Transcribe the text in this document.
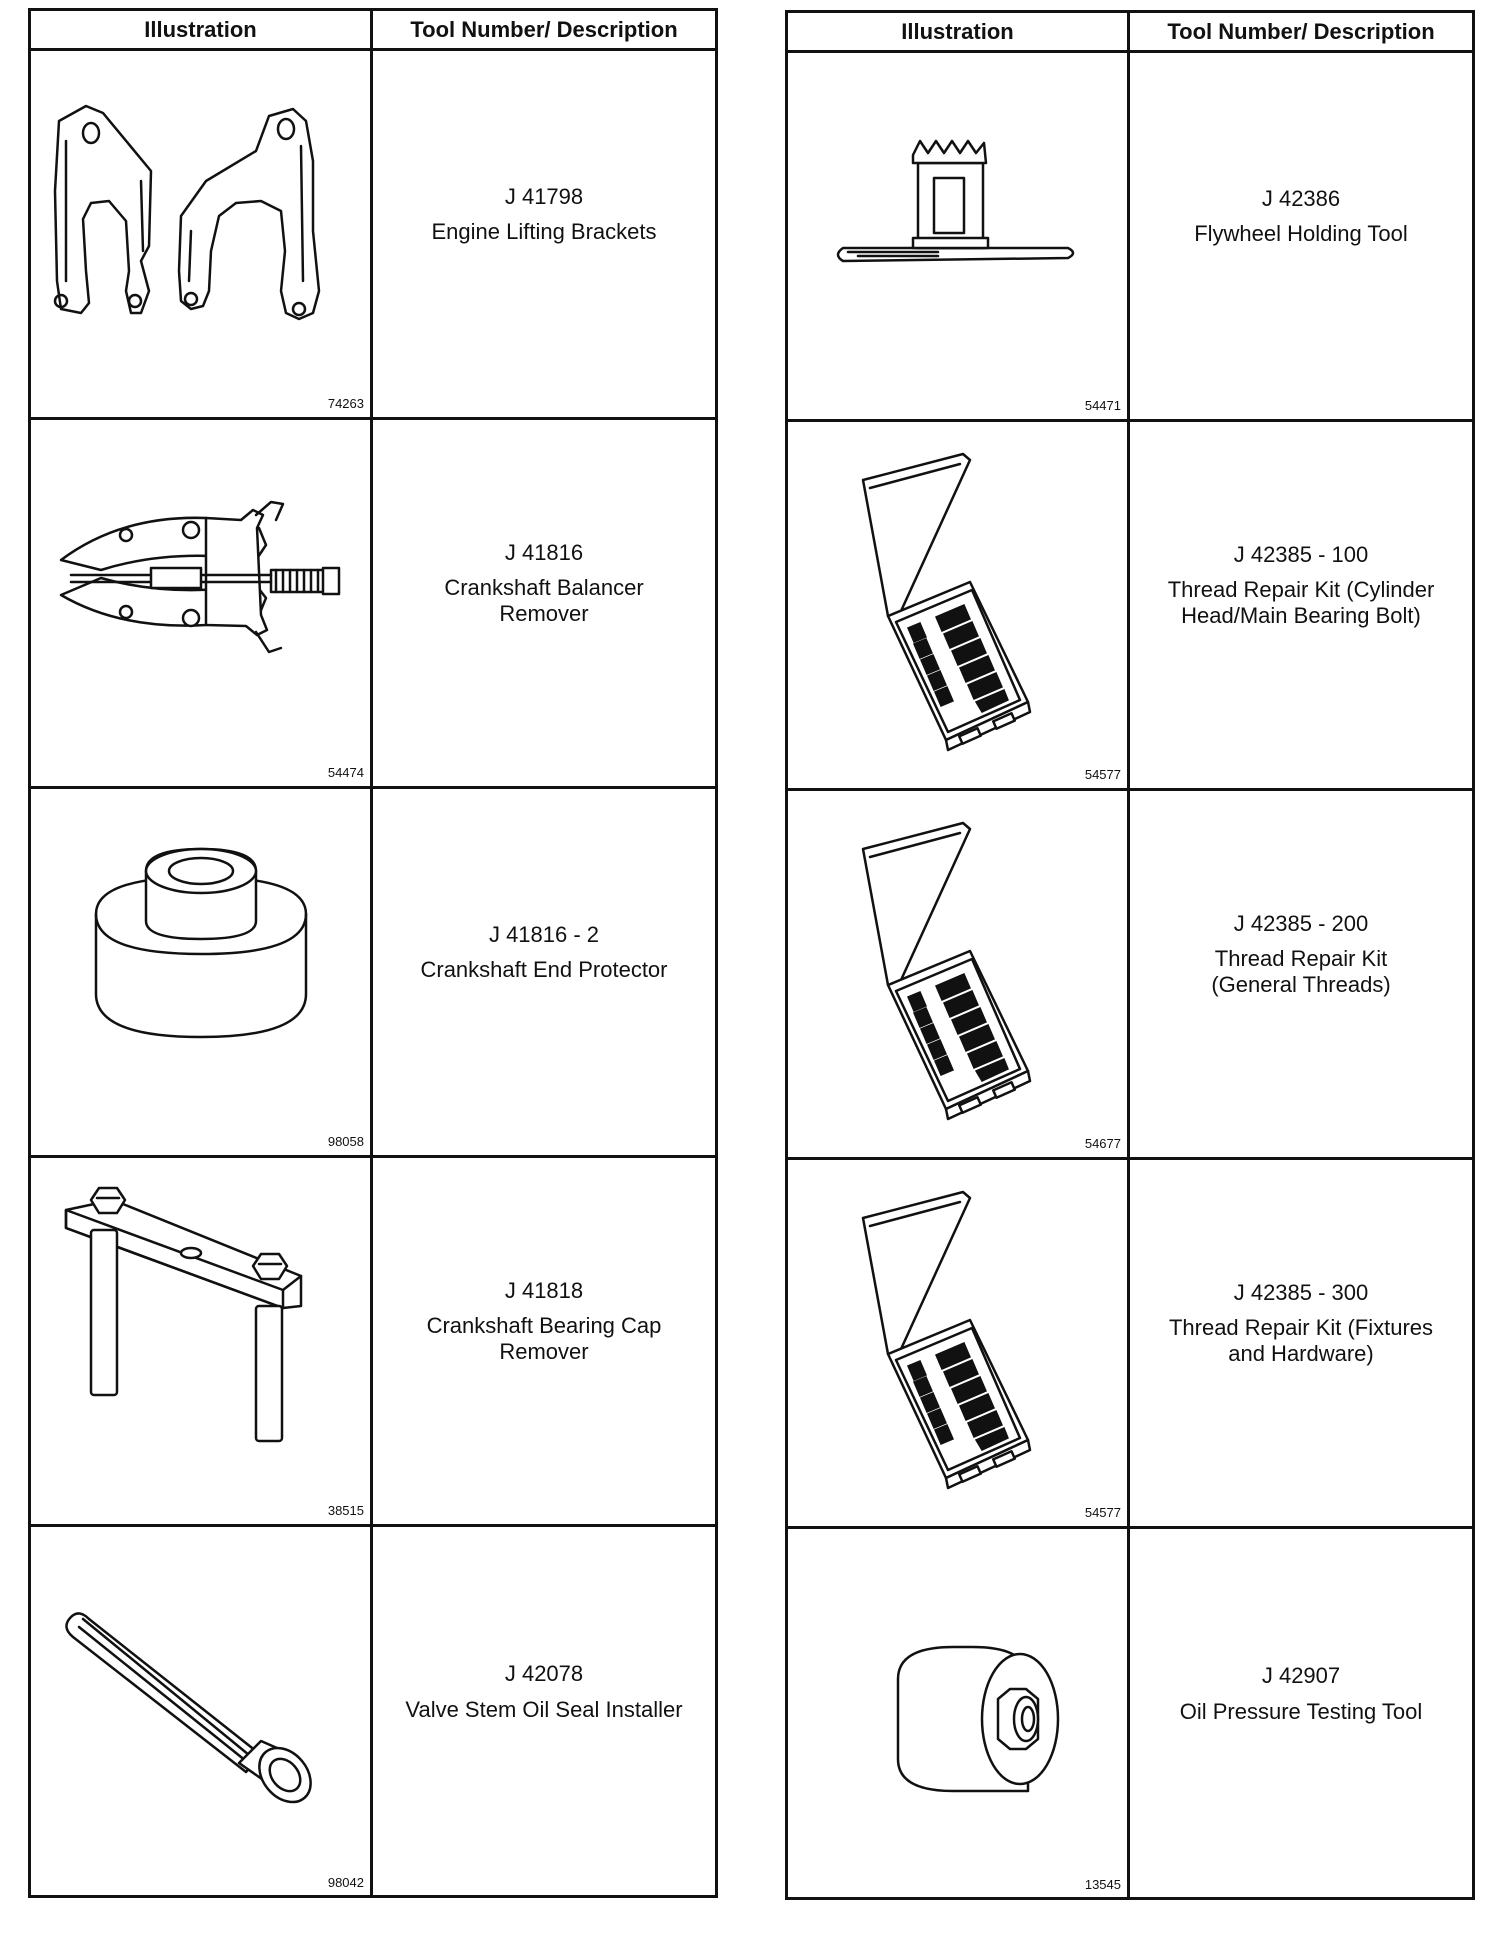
Illustration	Tool Number/ Description
74263
J 41798
Engine Lifting Brackets
54474
J 41816
Crankshaft Balancer
Remover
98058
J 41816 - 2
Crankshaft End Protector
38515
J 41818
Crankshaft Bearing Cap
Remover
98042
J 42078
Valve Stem Oil Seal Installer
Illustration	Tool Number/ Description
54471
J 42386
Flywheel Holding Tool
54577
J 42385 - 100
Thread Repair Kit (Cylinder
Head/Main Bearing Bolt)
54677
J 42385 - 200
Thread Repair Kit
(General Threads)
54577
J 42385 - 300
Thread Repair Kit (Fixtures
and Hardware)
13545
J 42907
Oil Pressure Testing Tool
